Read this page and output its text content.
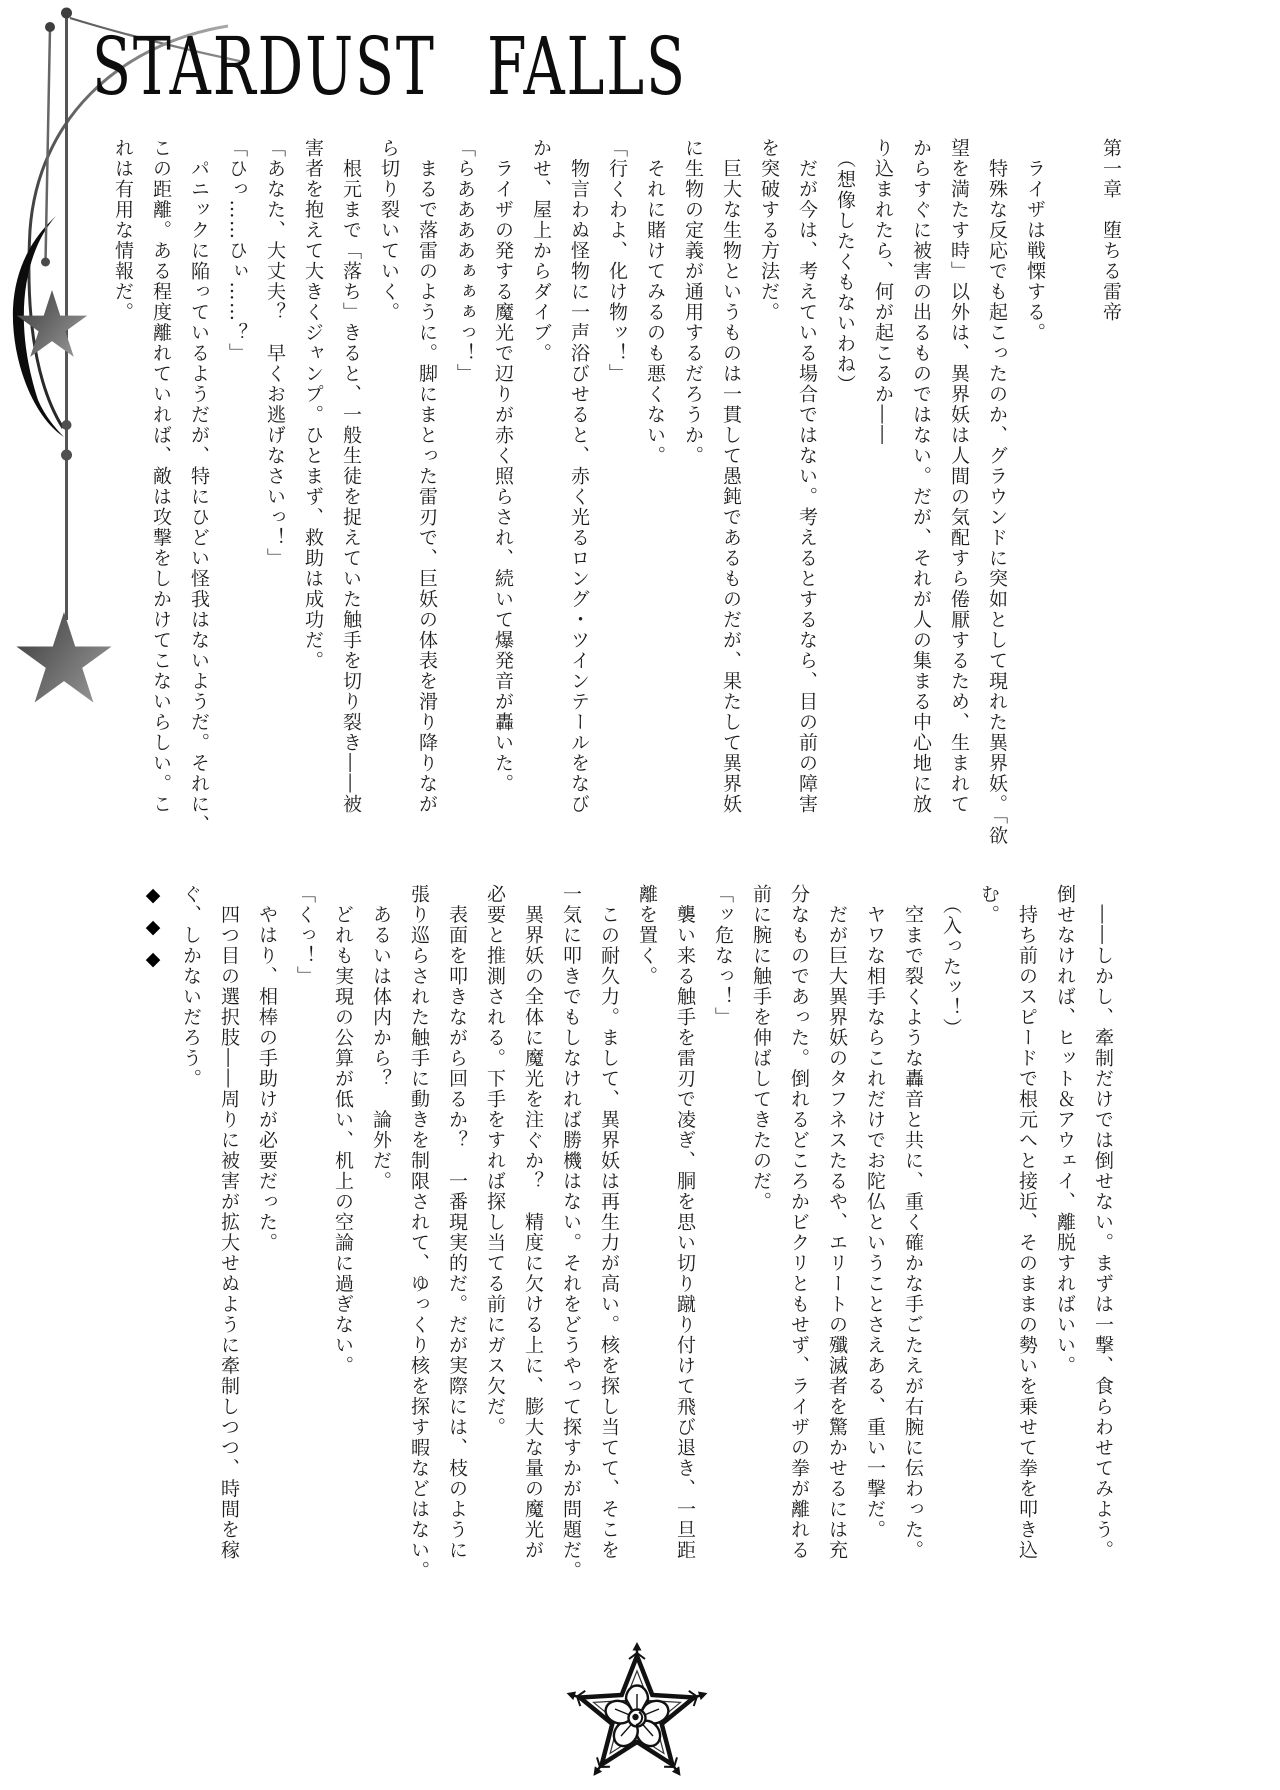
STARDUST FALLS
第一章　堕ちる雷帝

　ライザは戦慄する。

　特殊な反応でも起こったのか、グラウンドに突如として現れた異界妖。「欲

望を満たす時」以外は、異界妖は人間の気配すら倦厭するため、生まれて

からすぐに被害の出るものではない。だが、それが人の集まる中心地に放

り込まれたら、何が起こるか――

　（想像したくもないわね）

　だが今は、考えている場合ではない。考えるとするなら、目の前の障害

を突破する方法だ。

　巨大な生物というものは一貫して愚鈍であるものだが、果たして異界妖

に生物の定義が通用するだろうか。

　それに賭けてみるのも悪くない。

「行くわよ、化け物ッ！」

　物言わぬ怪物に一声浴びせると、赤く光るロング・ツインテールをなび

かせ、屋上からダイブ。

　ライザの発する魔光で辺りが赤く照らされ、続いて爆発音が轟いた。

「らああああぁぁぁっ！」

　まるで落雷のように。脚にまとった雷刃で、巨妖の体表を滑り降りなが

ら切り裂いていく。

　根元まで「落ち」きると、一般生徒を捉えていた触手を切り裂き――被

害者を抱えて大きくジャンプ。ひとまず、救助は成功だ。

「あなた、大丈夫？　早くお逃げなさいっ！」

「ひっ……ひぃ……？」

　パニックに陥っているようだが、特にひどい怪我はないようだ。それに、

この距離。ある程度離れていれば、敵は攻撃をしかけてこないらしい。こ

れは有用な情報だ。

　――しかし、牽制だけでは倒せない。まずは一撃、食らわせてみよう。

倒せなければ、ヒット＆アウェイ、離脱すればいい。

　持ち前のスピードで根元へと接近、そのままの勢いを乗せて拳を叩き込

む。

　（入ったッ！）

　空まで裂くような轟音と共に、重く確かな手ごたえが右腕に伝わった。

　ヤワな相手ならこれだけでお陀仏ということさえある、重い一撃だ。

　だが巨大異界妖のタフネスたるや、エリートの殲滅者を驚かせるには充

分なものであった。倒れるどころかビクリともせず、ライザの拳が離れる

前に腕に触手を伸ばしてきたのだ。

「ッ危なっ！」

　襲い来る触手を雷刃で凌ぎ、胴を思い切り蹴り付けて飛び退き、一旦距

離を置く。

　この耐久力。まして、異界妖は再生力が高い。核を探し当てて、そこを

一気に叩きでもしなければ勝機はない。それをどうやって探すかが問題だ。

　異界妖の全体に魔光を注ぐか？　精度に欠ける上に、膨大な量の魔光が

必要と推測される。下手をすれば探し当てる前にガス欠だ。

　表面を叩きながら回るか？　一番現実的だ。だが実際には、枝のように

張り巡らされた触手に動きを制限されて、ゆっくり核を探す暇などはない。

　あるいは体内から？　論外だ。

　どれも実現の公算が低い、机上の空論に過ぎない。

「くっ！」

　やはり、相棒の手助けが必要だった。

　四つ目の選択肢――周りに被害が拡大せぬように牽制しつつ、時間を稼

ぐ、しかないだろう。

◆◆◆
